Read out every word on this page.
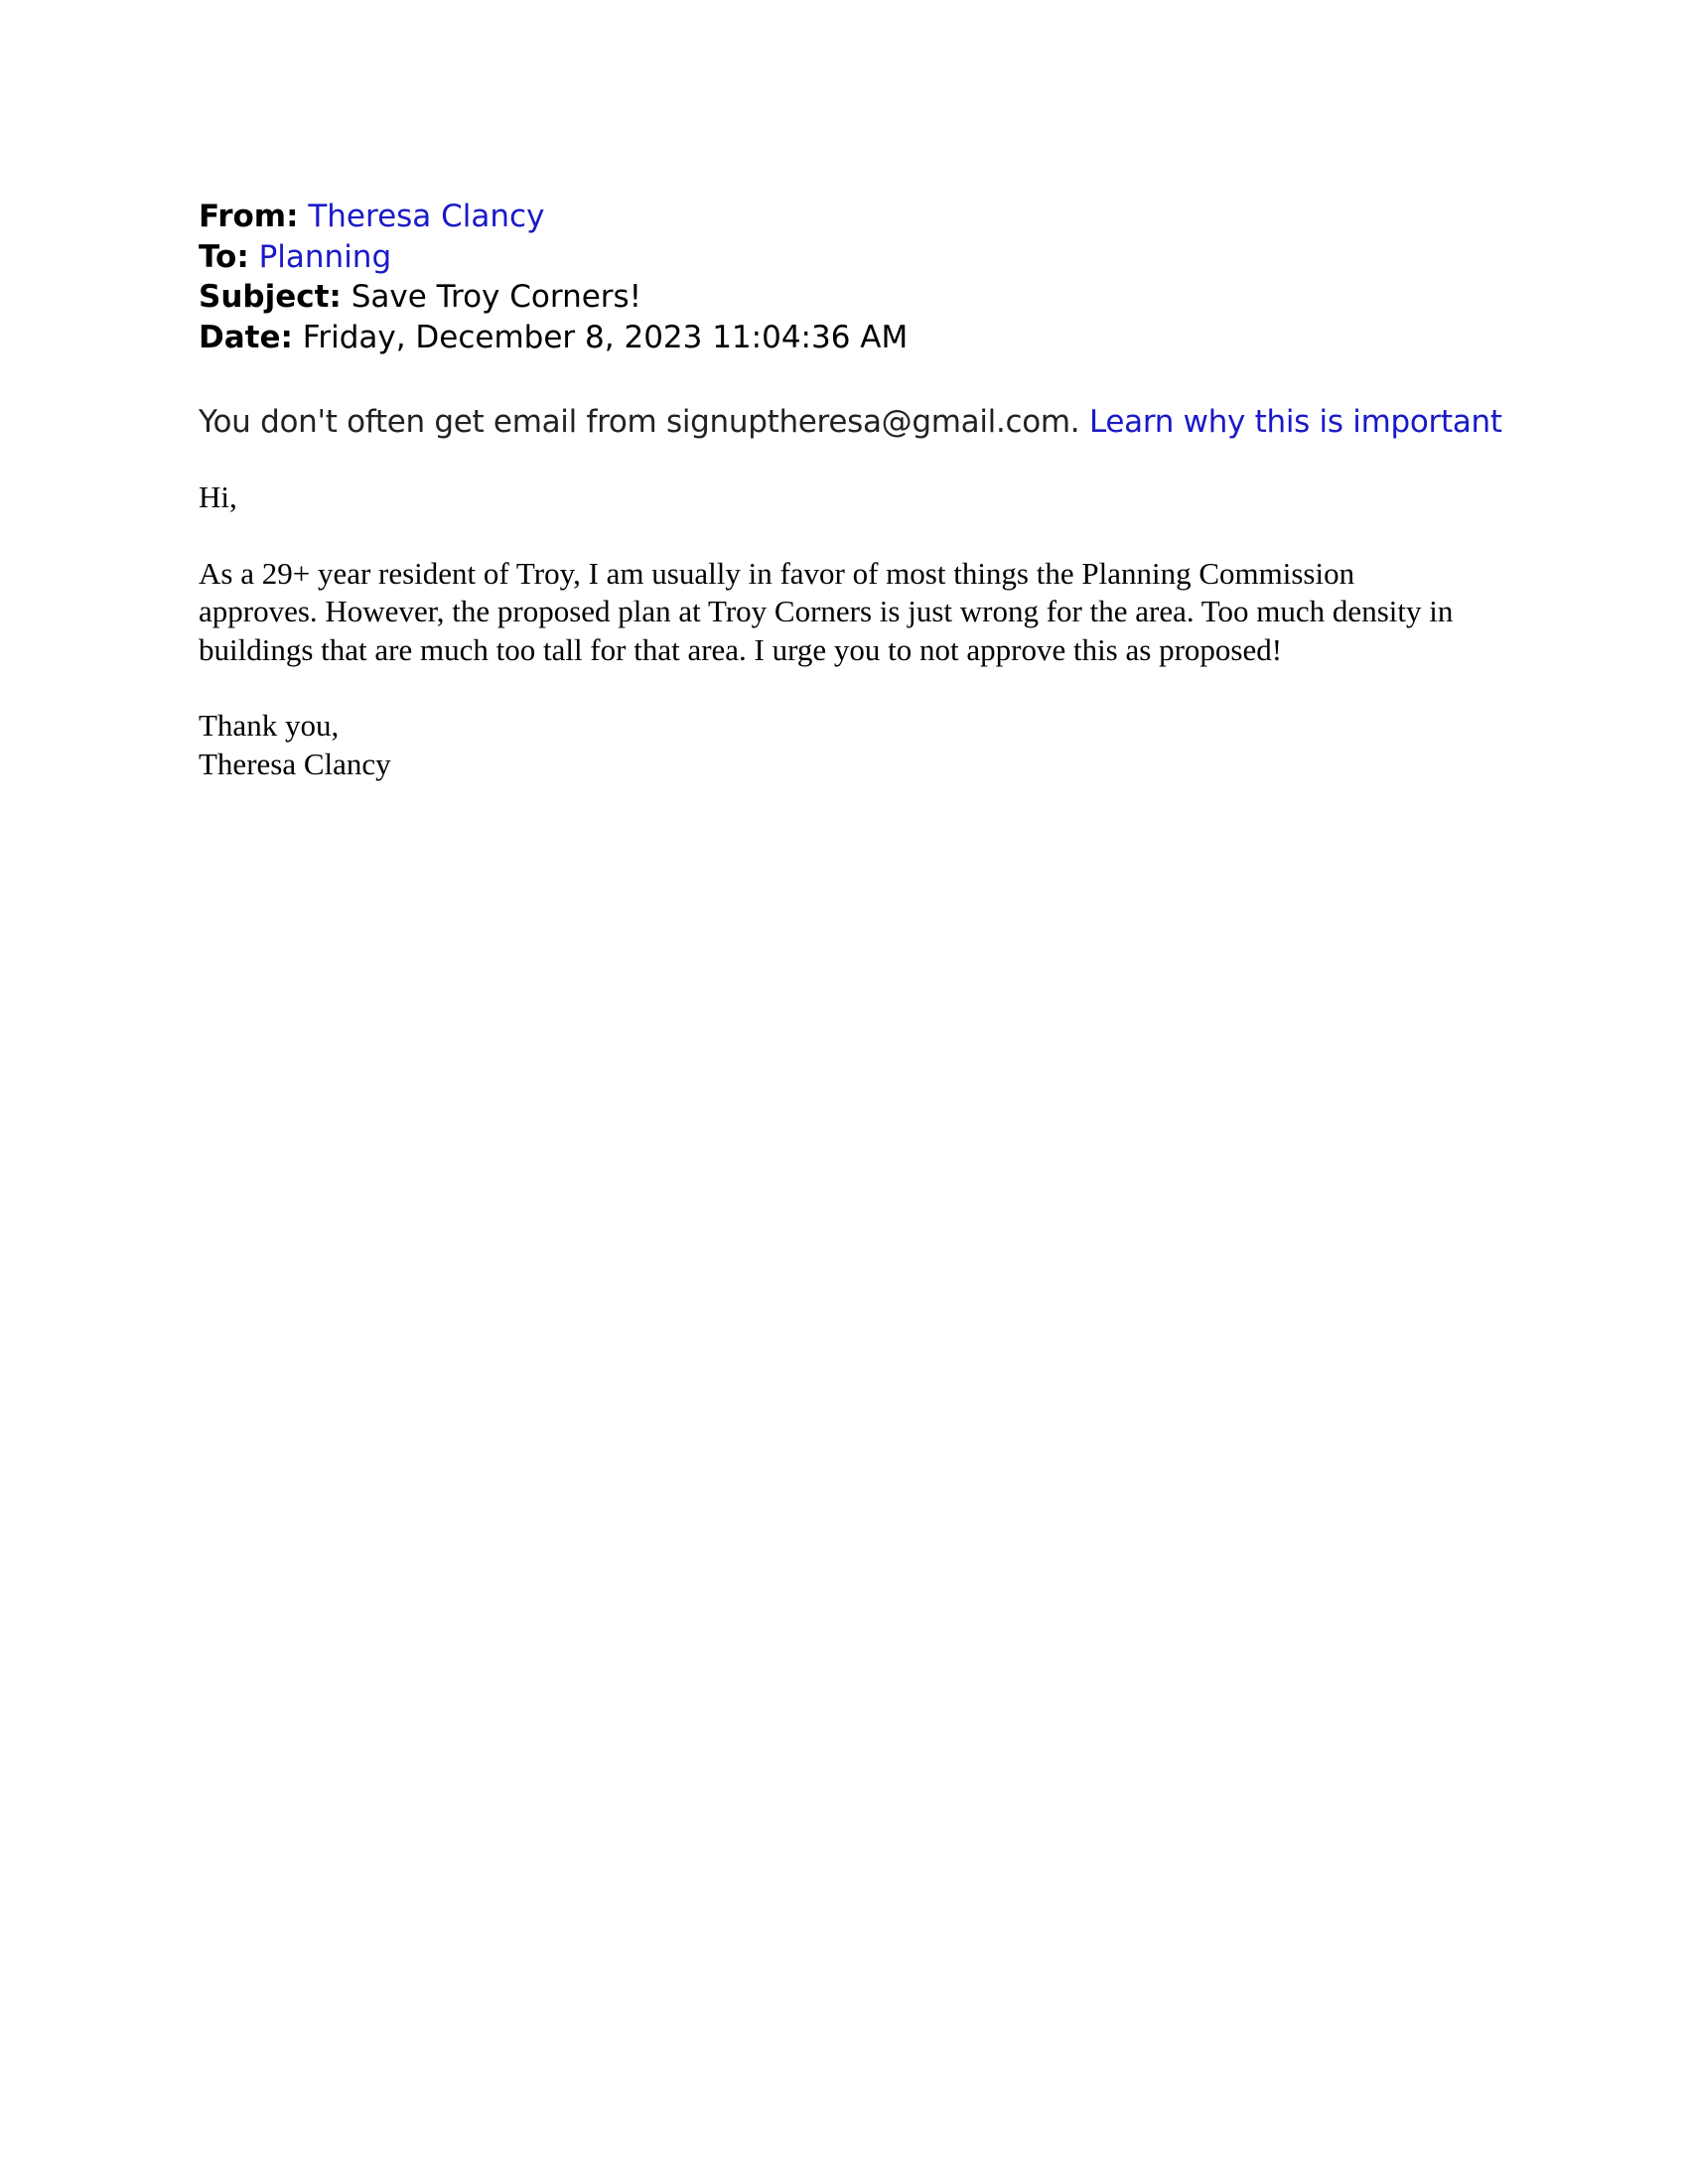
From: Theresa Clancy
To: Planning
Subject: Save Troy Corners!
Date: Friday, December 8, 2023 11:04:36 AM
You don't often get email from signuptheresa@gmail.com. Learn why this is important
Hi,
As a 29+ year resident of Troy, I am usually in favor of most things the Planning Commission approves. However, the proposed plan at Troy Corners is just wrong for the area. Too much density in buildings that are much too tall for that area. I urge you to not approve this as proposed!
Thank you,
Theresa Clancy
